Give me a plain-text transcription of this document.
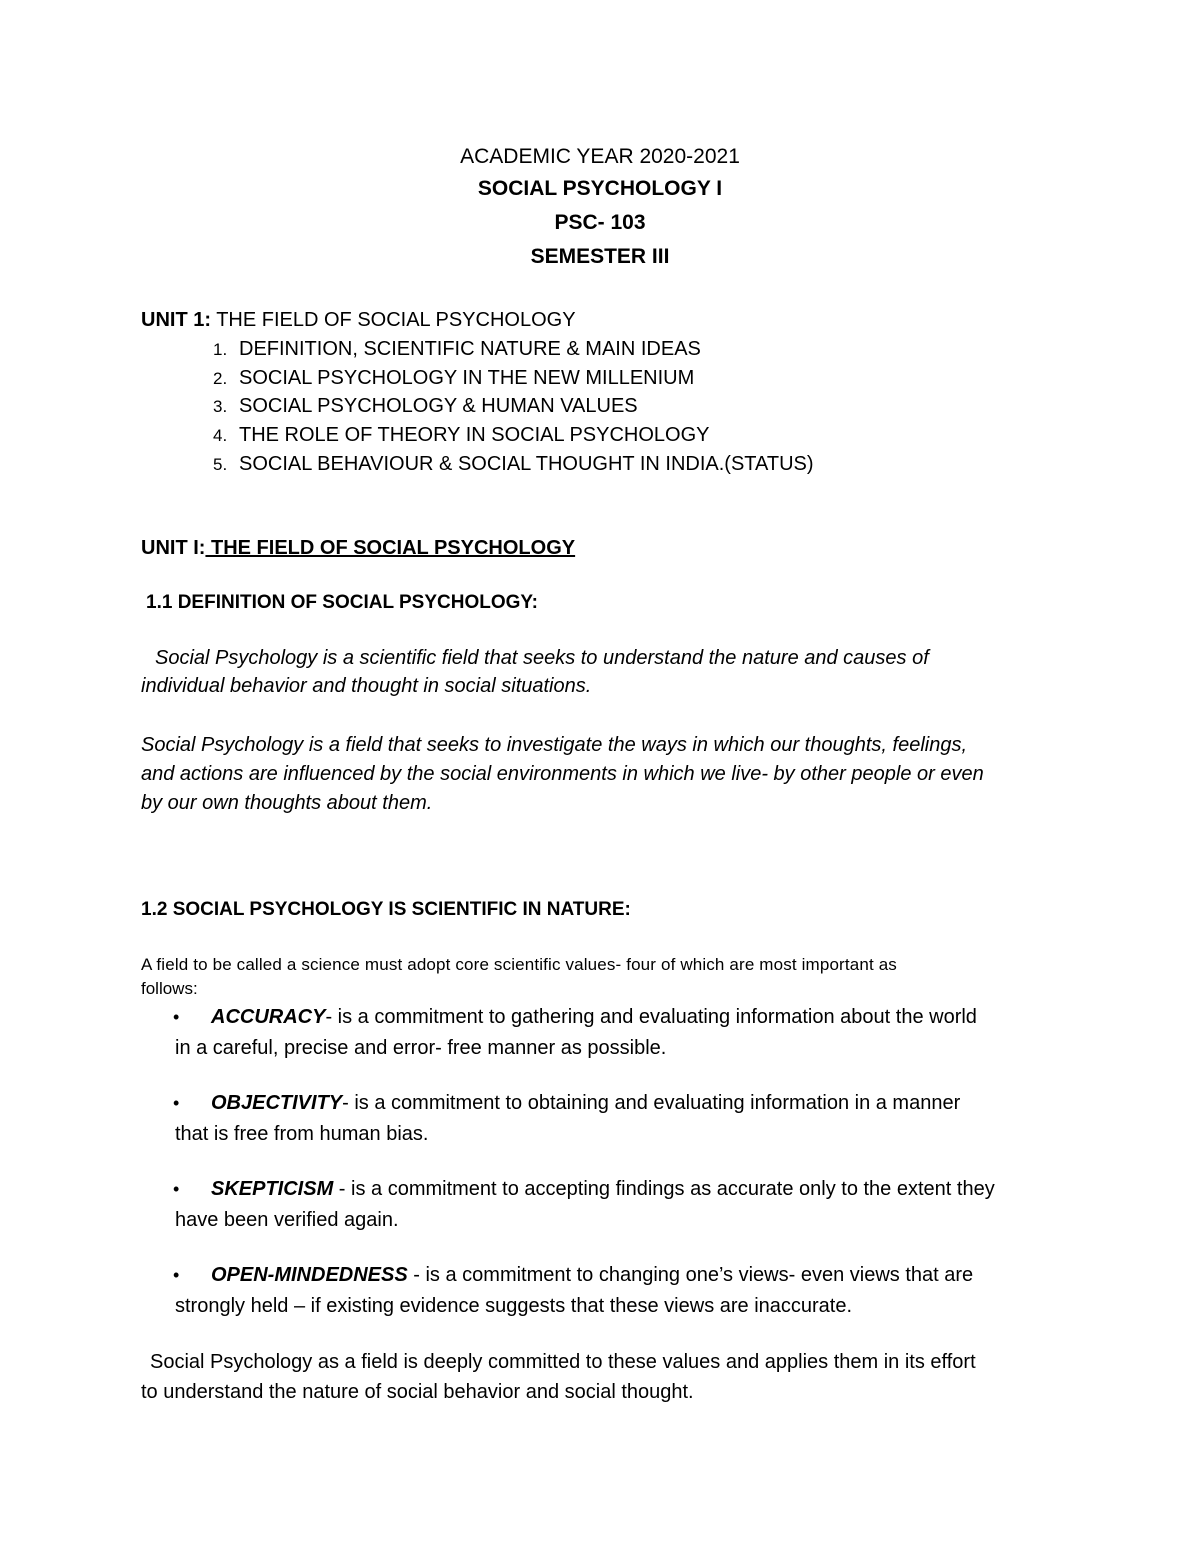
ACADEMIC YEAR 2020-2021
SOCIAL PSYCHOLOGY I
PSC- 103
SEMESTER III
UNIT 1: THE FIELD OF SOCIAL PSYCHOLOGY
1. DEFINITION, SCIENTIFIC NATURE & MAIN IDEAS
2. SOCIAL PSYCHOLOGY IN THE NEW MILLENIUM
3. SOCIAL PSYCHOLOGY & HUMAN VALUES
4. THE ROLE OF THEORY IN SOCIAL PSYCHOLOGY
5. SOCIAL BEHAVIOUR & SOCIAL THOUGHT IN INDIA.(STATUS)
UNIT I: THE FIELD OF SOCIAL PSYCHOLOGY
1.1 DEFINITION OF SOCIAL PSYCHOLOGY:
Social Psychology is a scientific field that seeks to understand the nature and causes of
individual behavior and thought in social situations.
Social Psychology is a field that seeks to investigate the ways in which our thoughts, feelings,
and actions are influenced by the social environments in which we live- by other people or even
by our own thoughts about them.
1.2 SOCIAL PSYCHOLOGY IS SCIENTIFIC IN NATURE:
A field to be called a science must adopt core scientific values- four of which are most important as
follows:
• ACCURACY- is a commitment to gathering and evaluating information about the world
in a careful, precise and error- free manner as possible.
• OBJECTIVITY- is a commitment to obtaining and evaluating information in a manner
that is free from human bias.
• SKEPTICISM - is a commitment to accepting findings as accurate only to the extent they
have been verified again.
• OPEN-MINDEDNESS - is a commitment to changing one’s views- even views that are
strongly held – if existing evidence suggests that these views are inaccurate.
Social Psychology as a field is deeply committed to these values and applies them in its effort
to understand the nature of social behavior and social thought.
